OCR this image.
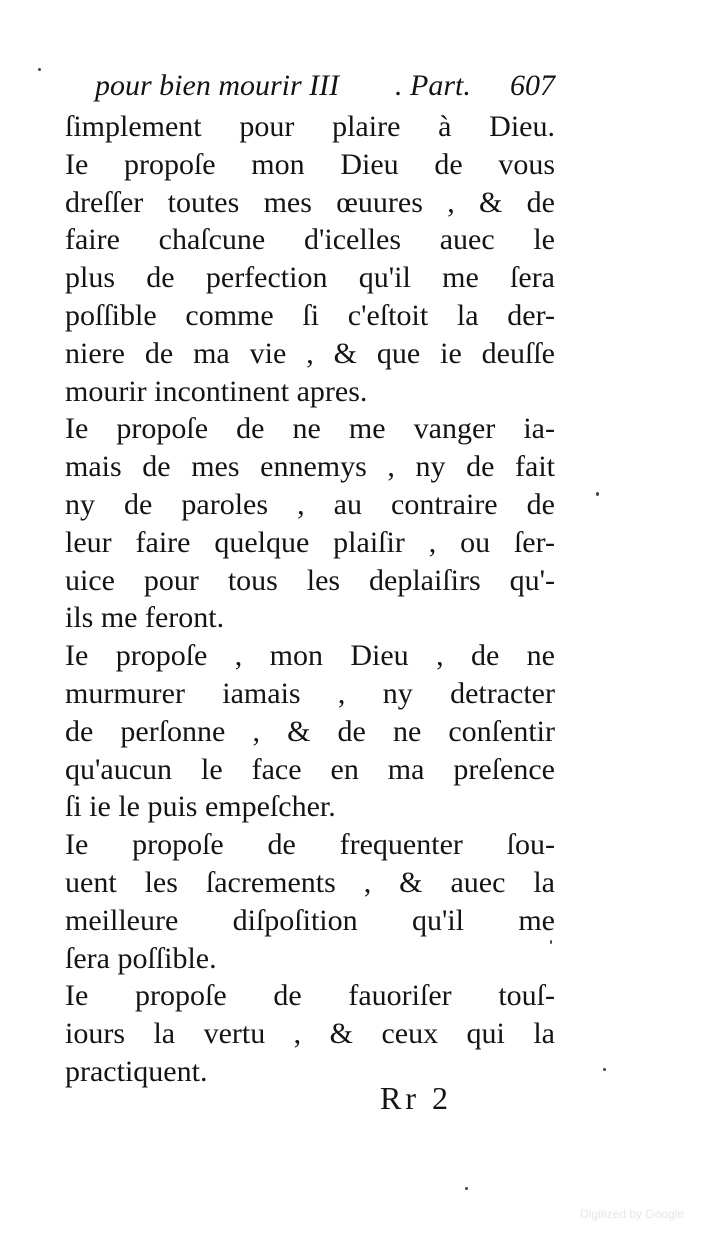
pour bien mourir III . Part. 607
ſimplement pour plaire à Dieu.
Ie propoſe mon Dieu de vous
dreſſer toutes mes œuures , & de
faire chaſcune d'icelles auec le
plus de perfection qu'il me ſera
poſſible comme ſi c'eſtoit la der-
niere de ma vie , & que ie deuſſe
mourir incontinent apres.
Ie propoſe de ne me vanger ia-
mais de mes ennemys , ny de fait
ny de paroles , au contraire de
leur faire quelque plaiſir , ou ſer-
uice pour tous les deplaiſirs qu'-
ils me feront.
Ie propoſe , mon Dieu , de ne
murmurer iamais , ny detracter
de perſonne , & de ne conſentir
qu'aucun le face en ma preſence
ſi ie le puis empeſcher.
Ie propoſe de frequenter ſou-
uent les ſacrements , & auec la
meilleure diſpoſition qu'il me
ſera poſſible.
Ie propoſe de fauoriſer touſ-
iours la vertu , & ceux qui la
practiquent.
Rr 2
Digitized by Google
